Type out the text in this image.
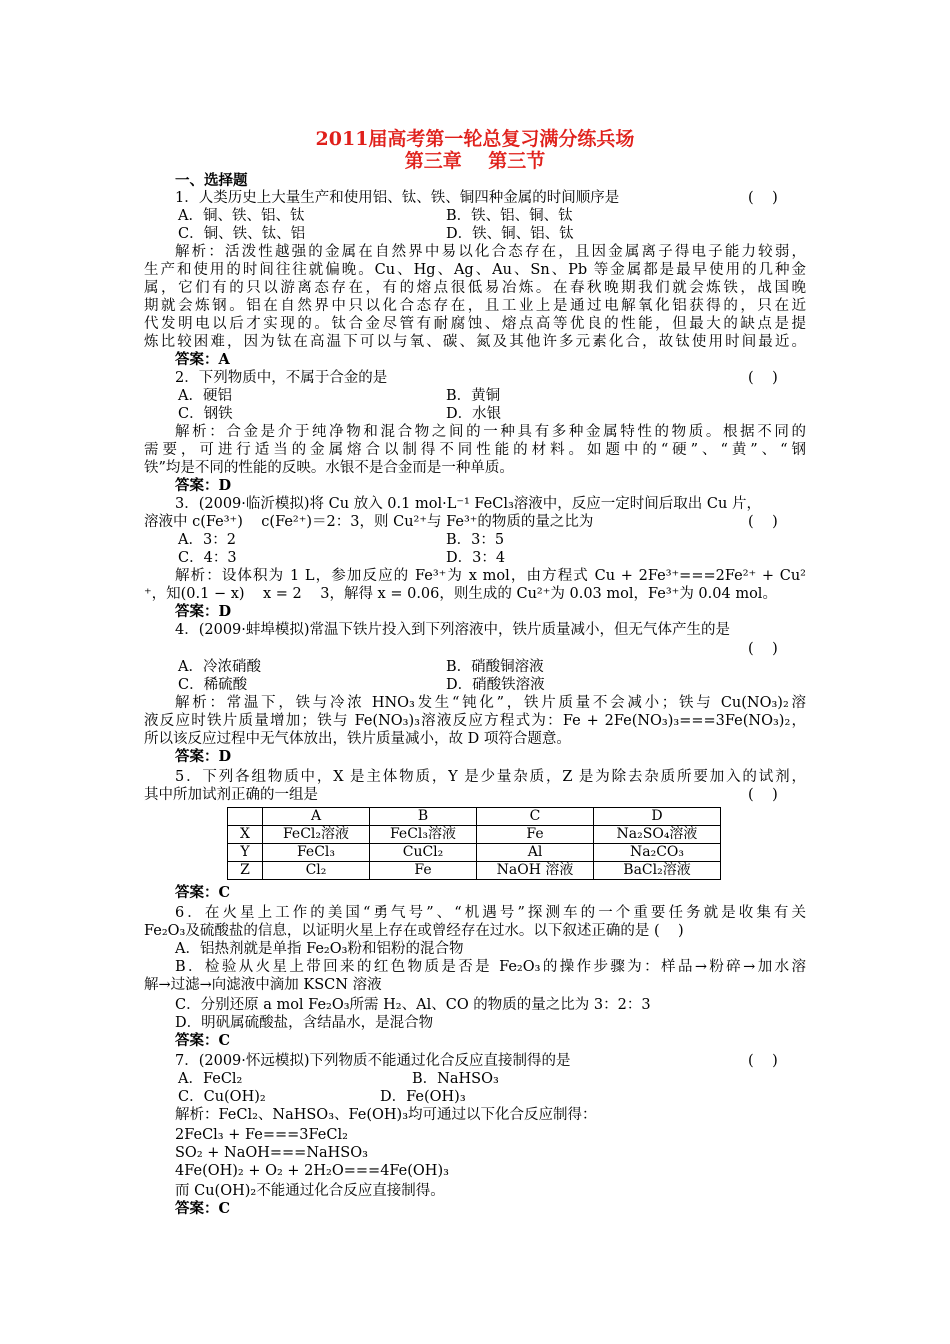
2011届高考第一轮总复习满分练兵场
第三章    第三节
一、选择题
1．人类历史上大量生产和使用铝、钛、铁、铜四种金属的时间顺序是	(    )
A．铜、铁、铝、钛	B．铁、铝、铜、钛
C．铜、铁、钛、铝	D．铁、铜、铝、钛
解析：活泼性越强的金属在自然界中易以化合态存在，且因金属离子得电子能力较弱，
生产和使用的时间往往就偏晚。Cu、Hg、Ag、Au、Sn、Pb 等金属都是最早使用的几种金
属，它们有的只以游离态存在，有的熔点很低易冶炼。在春秋晚期我们就会炼铁，战国晚
期就会炼钢。铝在自然界中只以化合态存在，且工业上是通过电解氧化铝获得的，只在近
代发明电以后才实现的。钛合金尽管有耐腐蚀、熔点高等优良的性能，但最大的缺点是提
炼比较困难，因为钛在高温下可以与氧、碳、氮及其他许多元素化合，故钛使用时间最近。
答案：A
2．下列物质中，不属于合金的是	(    )
A．硬铝	B．黄铜
C．钢铁	D．水银
解析：合金是介于纯净物和混合物之间的一种具有多种金属特性的物质。根据不同的
需要，可进行适当的金属熔合以制得不同性能的材料。如题中的“硬”、“黄”、“钢
铁”均是不同的性能的反映。水银不是合金而是一种单质。
答案：D
3．(2009·临沂模拟)将 Cu 放入 0.1 mol·L⁻¹ FeCl₃溶液中，反应一定时间后取出 Cu 片，
溶液中 c(Fe³⁺)    c(Fe²⁺)＝2：3，则 Cu²⁺与 Fe³⁺的物质的量之比为	(    )
A．3：2	B．3：5
C．4：3	D．3：4
解析：设体积为 1 L，参加反应的 Fe³⁺为 x mol，由方程式 Cu + 2Fe³⁺===2Fe²⁺ + Cu²
⁺，知(0.1 − x)    x = 2    3，解得 x = 0.06，则生成的 Cu²⁺为 0.03 mol，Fe³⁺为 0.04 mol。
答案：D
4．(2009·蚌埠模拟)常温下铁片投入到下列溶液中，铁片质量减小，但无气体产生的是
(    )
A．冷浓硝酸	B．硝酸铜溶液
C．稀硫酸	D．硝酸铁溶液
解析：常温下，铁与冷浓 HNO₃发生“钝化”，铁片质量不会减小；铁与 Cu(NO₃)₂溶
液反应时铁片质量增加；铁与 Fe(NO₃)₃溶液反应方程式为：Fe + 2Fe(NO₃)₃===3Fe(NO₃)₂，
所以该反应过程中无气体放出，铁片质量减小，故 D 项符合题意。
答案：D
5．下列各组物质中，X 是主体物质，Y 是少量杂质，Z 是为除去杂质所要加入的试剂，
其中所加试剂正确的一组是	(    )
	A	B	C	D
X	FeCl₂溶液	FeCl₃溶液	Fe	Na₂SO₄溶液
Y	FeCl₃	CuCl₂	Al	Na₂CO₃
Z	Cl₂	Fe	NaOH 溶液	BaCl₂溶液
答案：C
6．在火星上工作的美国“勇气号”、“机遇号”探测车的一个重要任务就是收集有关
Fe₂O₃及硫酸盐的信息，以证明火星上存在或曾经存在过水。以下叙述正确的是 (    )
A．铝热剂就是单指 Fe₂O₃粉和铝粉的混合物
B．检验从火星上带回来的红色物质是否是 Fe₂O₃的操作步骤为：样品→粉碎→加水溶
解→过滤→向滤液中滴加 KSCN 溶液
C．分别还原 a mol Fe₂O₃所需 H₂、Al、CO 的物质的量之比为 3：2：3
D．明矾属硫酸盐，含结晶水，是混合物
答案：C
7．(2009·怀远模拟)下列物质不能通过化合反应直接制得的是	(    )
A．FeCl₂	B．NaHSO₃
C．Cu(OH)₂	D．Fe(OH)₃
解析：FeCl₂、NaHSO₃、Fe(OH)₃均可通过以下化合反应制得：
2FeCl₃ + Fe===3FeCl₂
SO₂ + NaOH===NaHSO₃
4Fe(OH)₂ + O₂ + 2H₂O===4Fe(OH)₃
而 Cu(OH)₂不能通过化合反应直接制得。
答案：C
